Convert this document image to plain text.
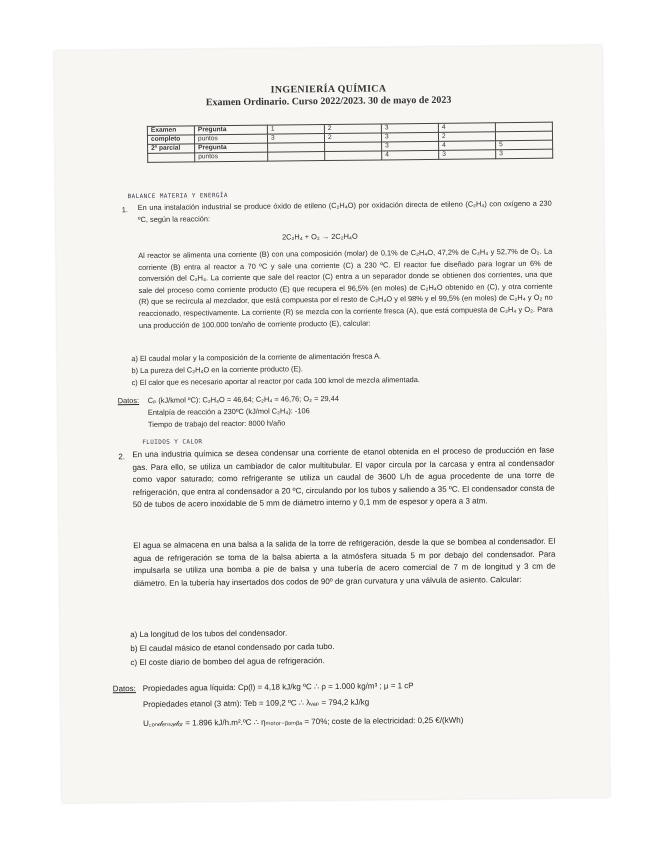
INGENIERÍA QUÍMICA
Examen Ordinario. Curso 2022/2023. 30 de mayo de 2023
Examen	Pregunta	1	2	3	4	
completo	puntos	3	2	3	2	
2º parcial	Pregunta			3	4	5
	puntos			4	3	3
BALANCE MATERIA Y ENERGÍA
1. En una instalación industrial se produce óxido de etileno (C₂H₄O) por oxidación directa de etileno (C₂H₄) con oxígeno a 230 ºC, según la reacción:
2C₂H₄ + O₂ → 2C₂H₄O
Al reactor se alimenta una corriente (B) con una composición (molar) de 0,1% de C₂H₄O, 47,2% de C₂H₄ y 52,7% de O₂. La corriente (B) entra al reactor a 70 ºC y sale una corriente (C) a 230 ºC. El reactor fue diseñado para lograr un 6% de conversión del C₂H₄. La corriente que sale del reactor (C) entra a un separador donde se obtienen dos corrientes, una que sale del proceso como corriente producto (E) que recupera el 96,5% (en moles) de C₂H₄O obtenido en (C), y otra corriente (R) que se recircula al mezclador, que está compuesta por el resto de C₂H₄O y el 98% y el 99,5% (en moles) de C₂H₄ y O₂ no reaccionado, respectivamente. La corriente (R) se mezcla con la corriente fresca (A), que está compuesta de C₂H₄ y O₂. Para una producción de 100.000 ton/año de corriente producto (E), calcular:
a) El caudal molar y la composición de la corriente de alimentación fresca A.
b) La pureza del C₂H₄O en la corriente producto (E).
c) El calor que es necesario aportar al reactor por cada 100 kmol de mezcla alimentada.
Datos: Cₚ (kJ/kmol ºC): C₂H₄O = 46,64; C₂H₄ = 46,76; O₂ = 29,44
Entalpía de reacción a 230ºC (kJ/mol C₂H₄): -106
Tiempo de trabajo del reactor: 8000 h/año
FLUIDOS Y CALOR
2. En una industria química se desea condensar una corriente de etanol obtenida en el proceso de producción en fase gas. Para ello, se utiliza un cambiador de calor multitubular. El vapor circula por la carcasa y entra al condensador como vapor saturado; como refrigerante se utiliza un caudal de 3600 L/h de agua procedente de una torre de refrigeración, que entra al condensador a 20 ºC, circulando por los tubos y saliendo a 35 ºC. El condensador consta de 50 de tubos de acero inoxidable de 5 mm de diámetro interno y 0,1 mm de espesor y opera a 3 atm.
El agua se almacena en una balsa a la salida de la torre de refrigeración, desde la que se bombea al condensador. El agua de refrigeración se toma de la balsa abierta a la atmósfera situada 5 m por debajo del condensador. Para impulsarla se utiliza una bomba a pie de balsa y una tubería de acero comercial de 7 m de longitud y 3 cm de diámetro. En la tubería hay insertados dos codos de 90º de gran curvatura y una válvula de asiento. Calcular:
a) La longitud de los tubos del condensador.
b) El caudal másico de etanol condensado por cada tubo.
c) El coste diario de bombeo del agua de refrigeración.
Datos: Propiedades agua líquida: Cp(l) = 4,18 kJ/kg ºC ∴ ρ = 1.000 kg/m³ ; μ = 1 cP
Propiedades etanol (3 atm): Teb = 109,2 ºC ∴ λᵥₐₚ = 794,2 kJ/kg
U꜀ₒₙ𝒹ₑₙₛₐ𝒹ₒᵣ = 1.896 kJ/h.m².ºC ∴ ηₘₒₜₒᵣ₋ᵦₒₘᵦₐ = 70%; coste de la electricidad: 0,25 €/(kWh)
